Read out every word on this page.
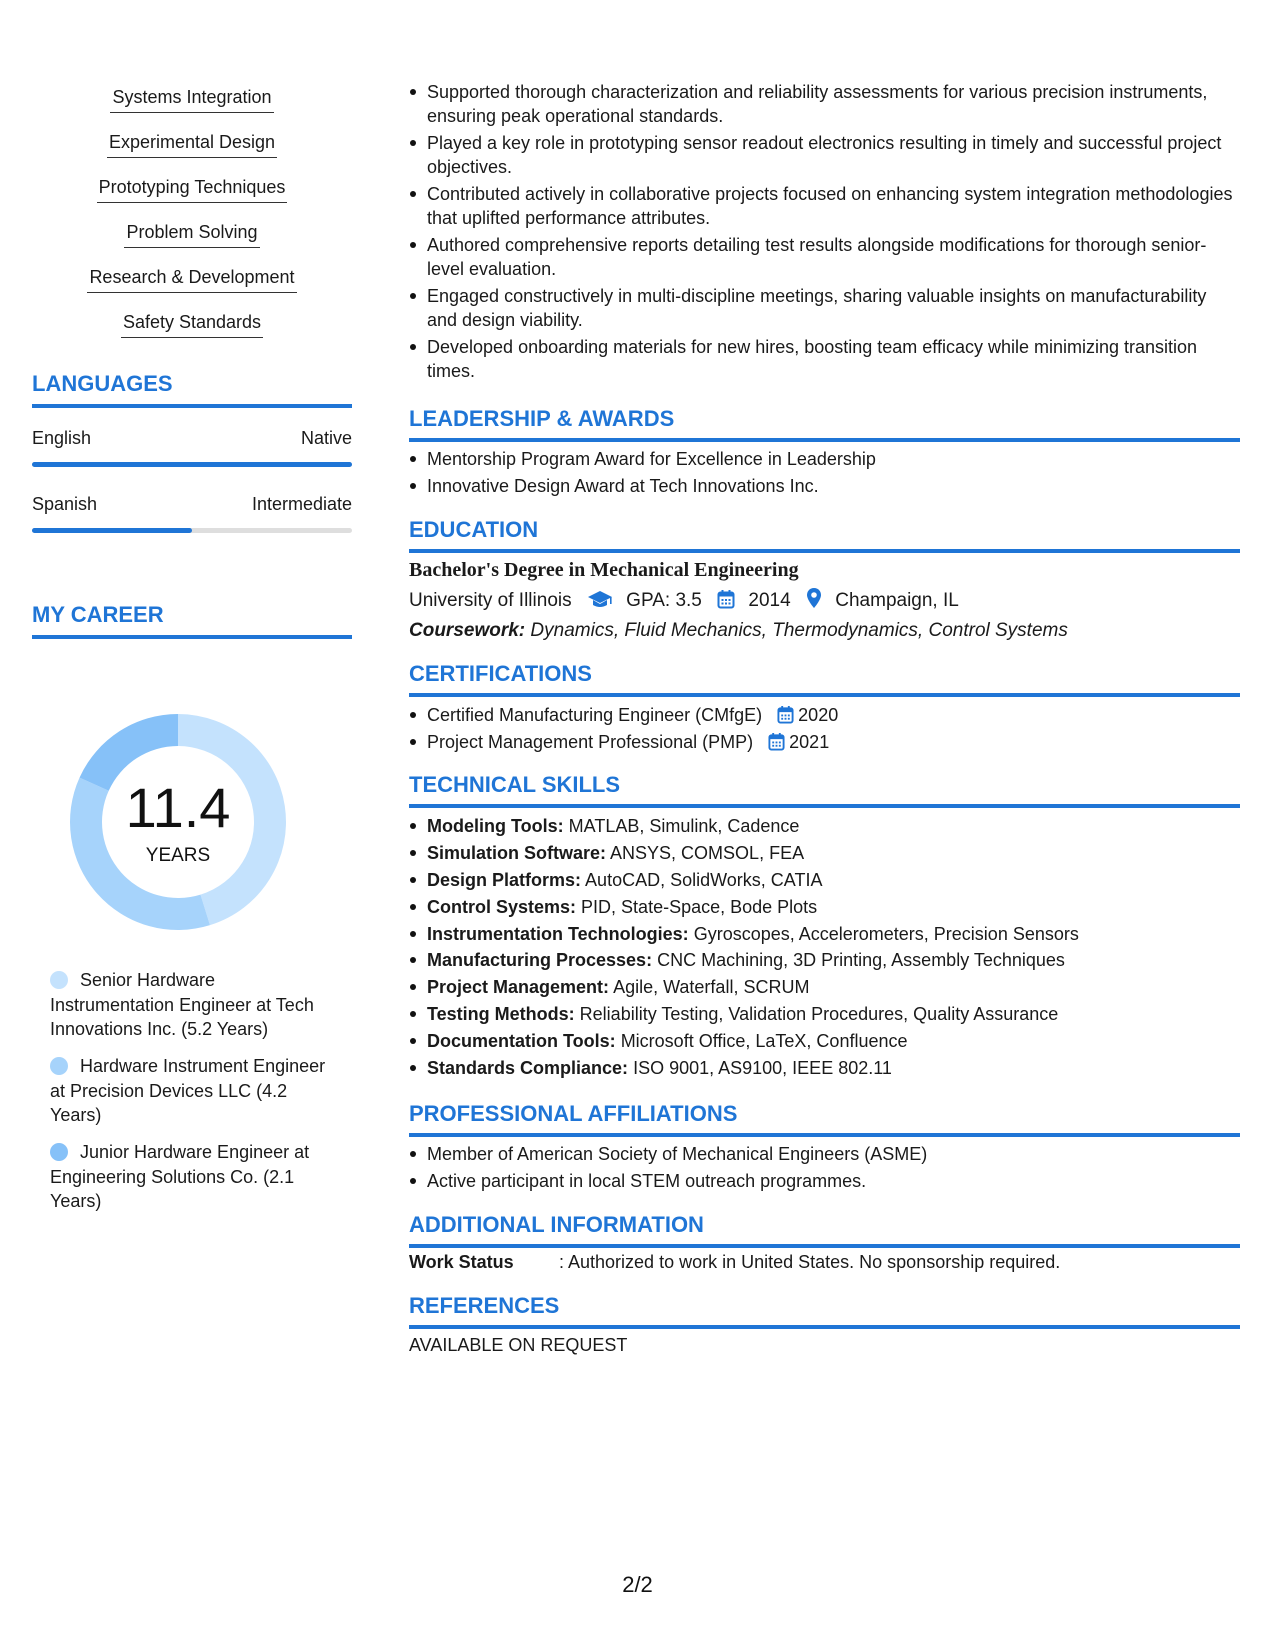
Systems Integration
Experimental Design
Prototyping Techniques
Problem Solving
Research & Development
Safety Standards
LANGUAGES
English	Native
Spanish	Intermediate
MY CAREER
11.4
YEARS
Senior Hardware Instrumentation Engineer at Tech Innovations Inc. (5.2 Years)
Hardware Instrument Engineer at Precision Devices LLC (4.2 Years)
Junior Hardware Engineer at Engineering Solutions Co. (2.1 Years)
Supported thorough characterization and reliability assessments for various precision instruments, ensuring peak operational standards.
Played a key role in prototyping sensor readout electronics resulting in timely and successful project objectives.
Contributed actively in collaborative projects focused on enhancing system integration methodologies that uplifted performance attributes.
Authored comprehensive reports detailing test results alongside modifications for thorough senior-level evaluation.
Engaged constructively in multi-discipline meetings, sharing valuable insights on manufacturability and design viability.
Developed onboarding materials for new hires, boosting team efficacy while minimizing transition times.
LEADERSHIP & AWARDS
Mentorship Program Award for Excellence in Leadership
Innovative Design Award at Tech Innovations Inc.
EDUCATION
Bachelor's Degree in Mechanical Engineering
University of Illinois	GPA: 3.5 2014 Champaign, IL
Coursework: Dynamics, Fluid Mechanics, Thermodynamics, Control Systems
CERTIFICATIONS
Certified Manufacturing Engineer (CMfgE) 2020
Project Management Professional (PMP) 2021
TECHNICAL SKILLS
Modeling Tools: MATLAB, Simulink, Cadence
Simulation Software: ANSYS, COMSOL, FEA
Design Platforms: AutoCAD, SolidWorks, CATIA
Control Systems: PID, State-Space, Bode Plots
Instrumentation Technologies: Gyroscopes, Accelerometers, Precision Sensors
Manufacturing Processes: CNC Machining, 3D Printing, Assembly Techniques
Project Management: Agile, Waterfall, SCRUM
Testing Methods: Reliability Testing, Validation Procedures, Quality Assurance
Documentation Tools: Microsoft Office, LaTeX, Confluence
Standards Compliance: ISO 9001, AS9100, IEEE 802.11
PROFESSIONAL AFFILIATIONS
Member of American Society of Mechanical Engineers (ASME)
Active participant in local STEM outreach programmes.
ADDITIONAL INFORMATION
Work Status	: Authorized to work in United States. No sponsorship required.
REFERENCES
AVAILABLE ON REQUEST
2/2
